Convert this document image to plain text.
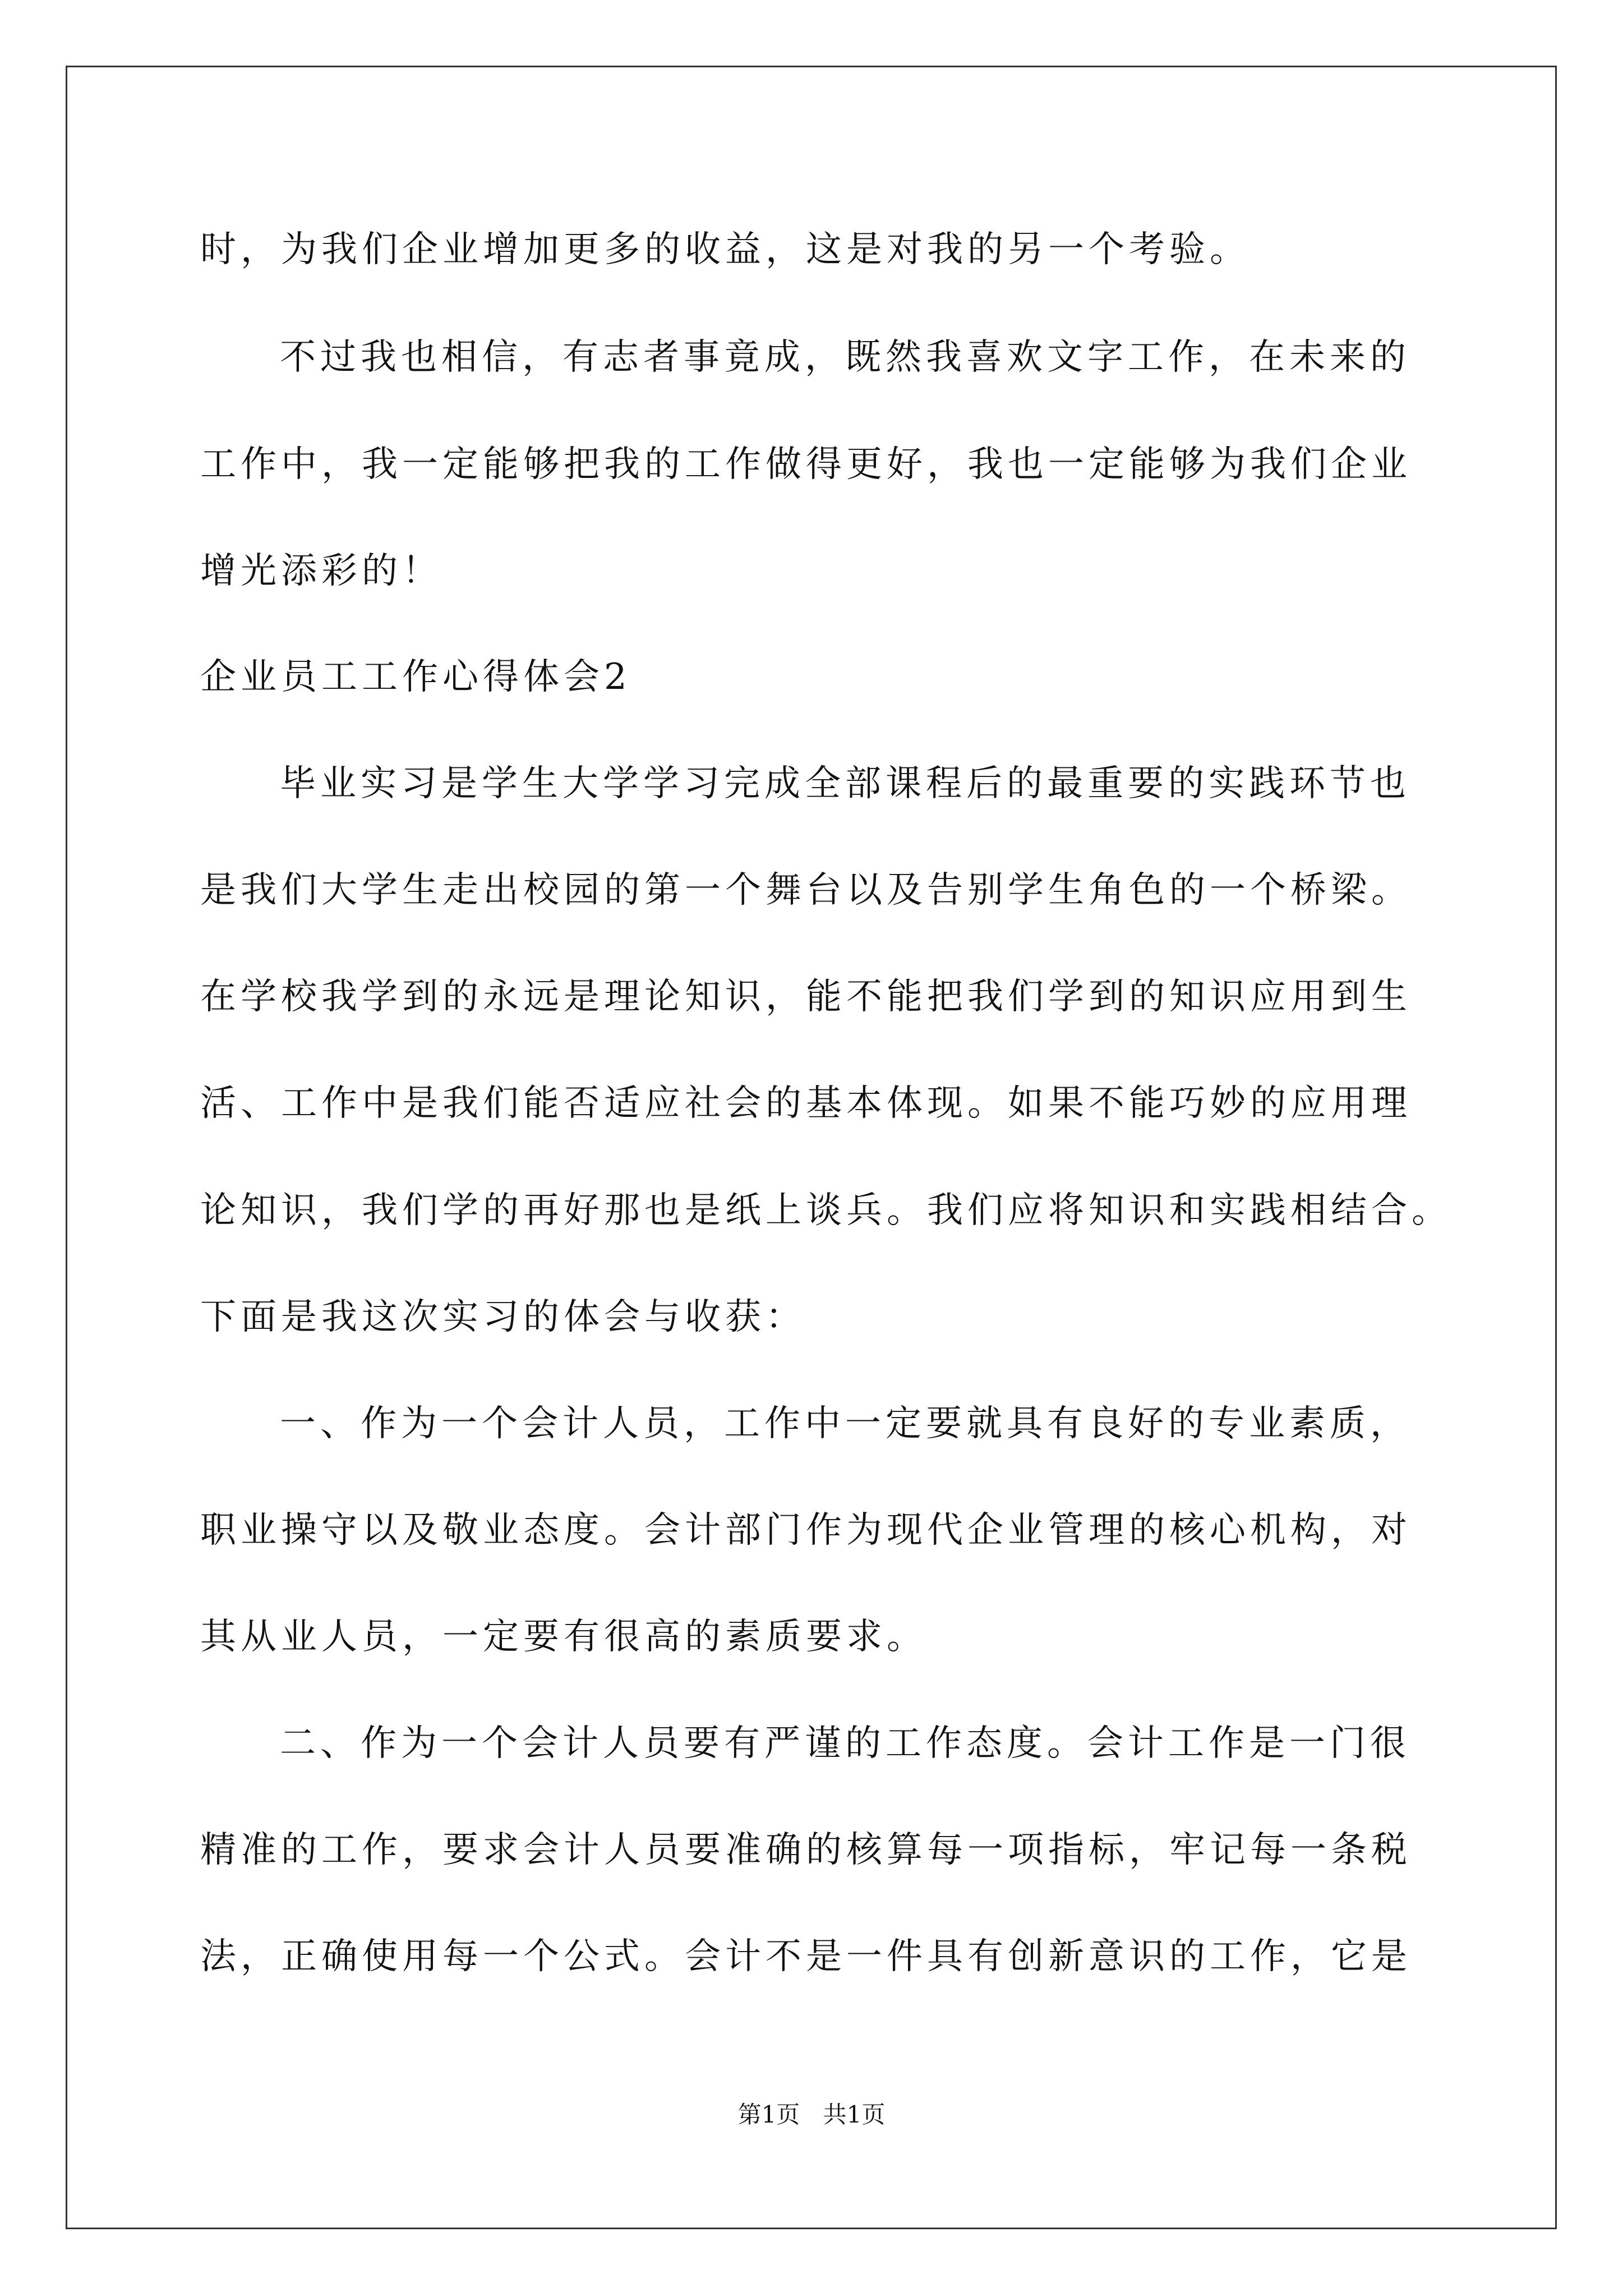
时，为我们企业增加更多的收益，这是对我的另一个考验。
不过我也相信，有志者事竟成，既然我喜欢文字工作，在未来的
工作中，我一定能够把我的工作做得更好，我也一定能够为我们企业
增光添彩的！
企业员工工作心得体会2
毕业实习是学生大学学习完成全部课程后的最重要的实践环节也
是我们大学生走出校园的第一个舞台以及告别学生角色的一个桥梁。
在学校我学到的永远是理论知识，能不能把我们学到的知识应用到生
活、工作中是我们能否适应社会的基本体现。如果不能巧妙的应用理
论知识，我们学的再好那也是纸上谈兵。我们应将知识和实践相结合。
下面是我这次实习的体会与收获：
一、作为一个会计人员，工作中一定要就具有良好的专业素质，
职业操守以及敬业态度。会计部门作为现代企业管理的核心机构，对
其从业人员，一定要有很高的素质要求。
二、作为一个会计人员要有严谨的工作态度。会计工作是一门很
精准的工作，要求会计人员要准确的核算每一项指标，牢记每一条税
法，正确使用每一个公式。会计不是一件具有创新意识的工作，它是
第1页 共1页
